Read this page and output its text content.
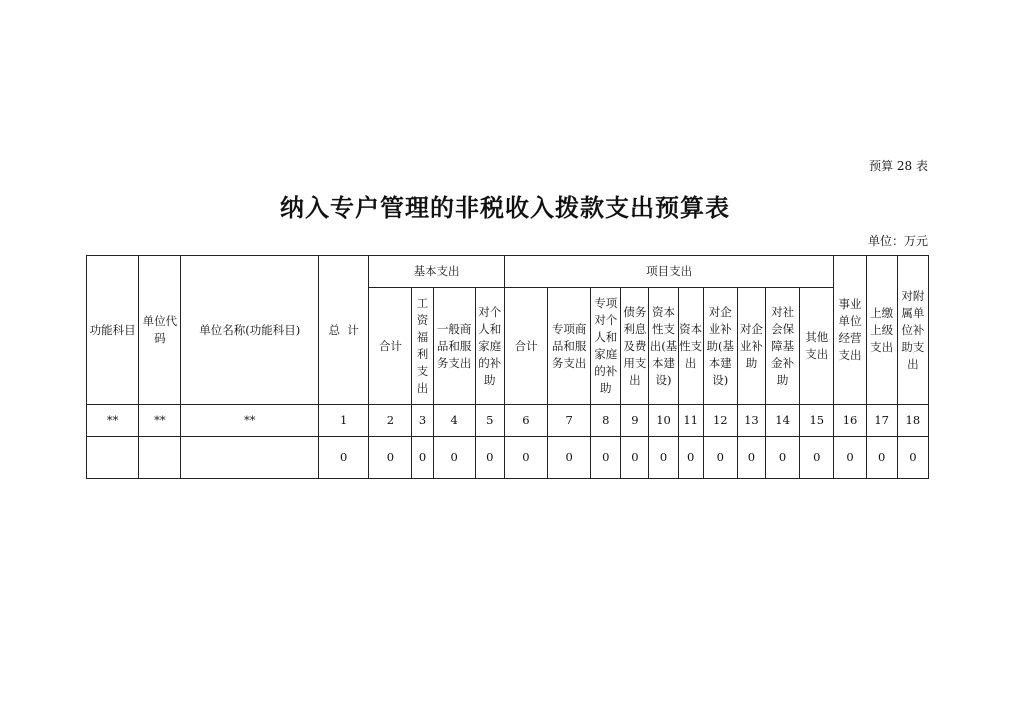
预算 28 表
纳入专户管理的非税收入拨款支出预算表
单位：万元
功能科目	单位代码	单位名称(功能科目)	总  计	基本支出				项目支出										事业单位经营支出	上缴上级支出	对附属单位补助支出
				合计	工资福利支出	一般商品和服务支出	对个人和家庭的补助	合计	专项商品和服务支出	专项对个人和家庭的补助	债务利息及费用支出	资本性支出(基本建设)	资本性支出	对企业补助(基本建设)	对企业补助	对社会保障基金补助	其他支出			
**	**	**	1	2	3	4	5	6	7	8	9	10	11	12	13	14	15	16	17	18
			0	0	0	0	0	0	0	0	0	0	0	0	0	0	0	0	0	0
